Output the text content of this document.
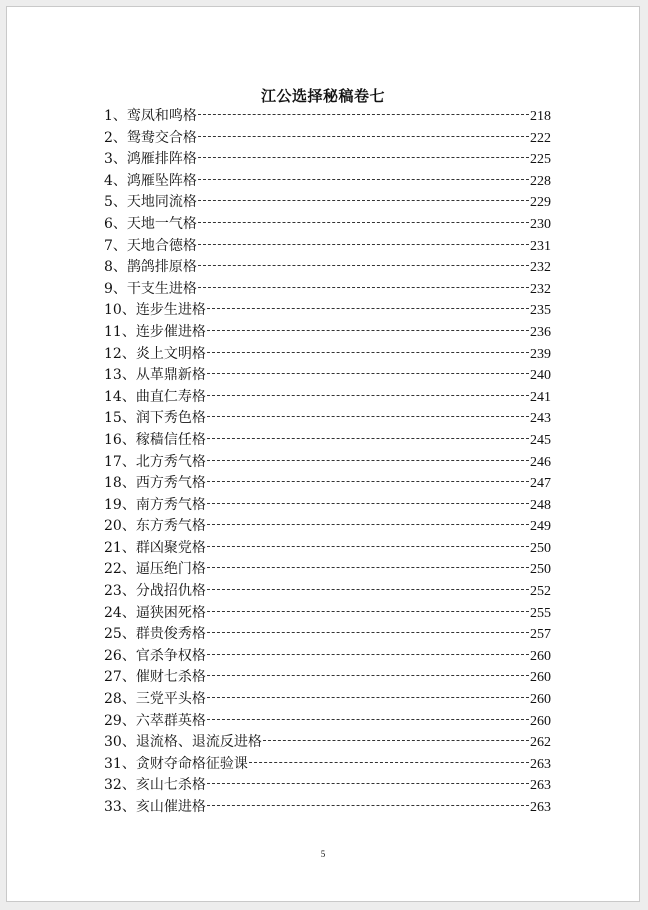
江公选择秘稿卷七
1、 鸾凤和鸣格	218
2、 鸳鸯交合格	222
3、 鸿雁排阵格	225
4、 鸿雁坠阵格	228
5、 天地同流格	229
6、 天地一气格	230
7、 天地合德格	231
8、 鹊鸽排原格	232
9、 干支生进格	232
10、 连步生进格	235
11、 连步催进格	236
12、 炎上文明格	239
13、 从革鼎新格	240
14、 曲直仁寿格	241
15、 润下秀色格	243
16、 稼穑信任格	245
17、 北方秀气格	246
18、 西方秀气格	247
19、 南方秀气格	248
20、 东方秀气格	249
21、 群凶聚党格	250
22、 逼压绝门格	250
23、 分战招仇格	252
24、 逼狭困死格	255
25、 群贵俊秀格	257
26、 官杀争权格	260
27、 催财七杀格	260
28、 三党平头格	260
29、 六萃群英格	260
30、 退流格、退流反进格	262
31、 贪财夺命格征验课	263
32、 亥山七杀格	263
33、 亥山催进格	263
5
